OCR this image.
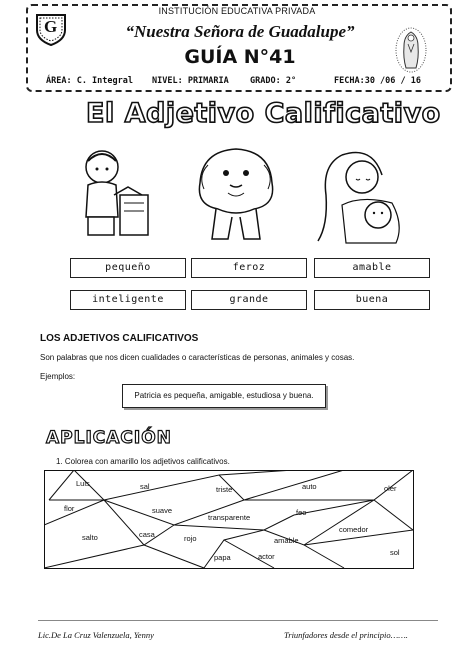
INSTITUCIÓN EDUCATIVA PRIVADA
G	“Nuestra Señora de Guadalupe”
GUÍA N°41
ÁREA: C. Integral NIVEL: PRIMARIA GRADO: 2°	FECHA:30 /06 / 16
El Adjetivo Calificativo
pequeño	feroz	amable
inteligente	grande	buena
LOS ADJETIVOS CALIFICATIVOS
Son palabras que nos dicen cualidades o características de personas, animales y cosas.
Ejemplos:
Patricia es pequeña, amigable, estudiosa y buena.
APLICACIÓN
1. Colorea con amarillo los adjetivos calificativos.
Luis	sal	triste	auto	oler
flor	suave
transparente
feo
comedor
salto	casa	rojo	amable
papa	actor	sol
Lic.De La Cruz Valenzuela, Yenny	Triunfadores desde el principio…….
